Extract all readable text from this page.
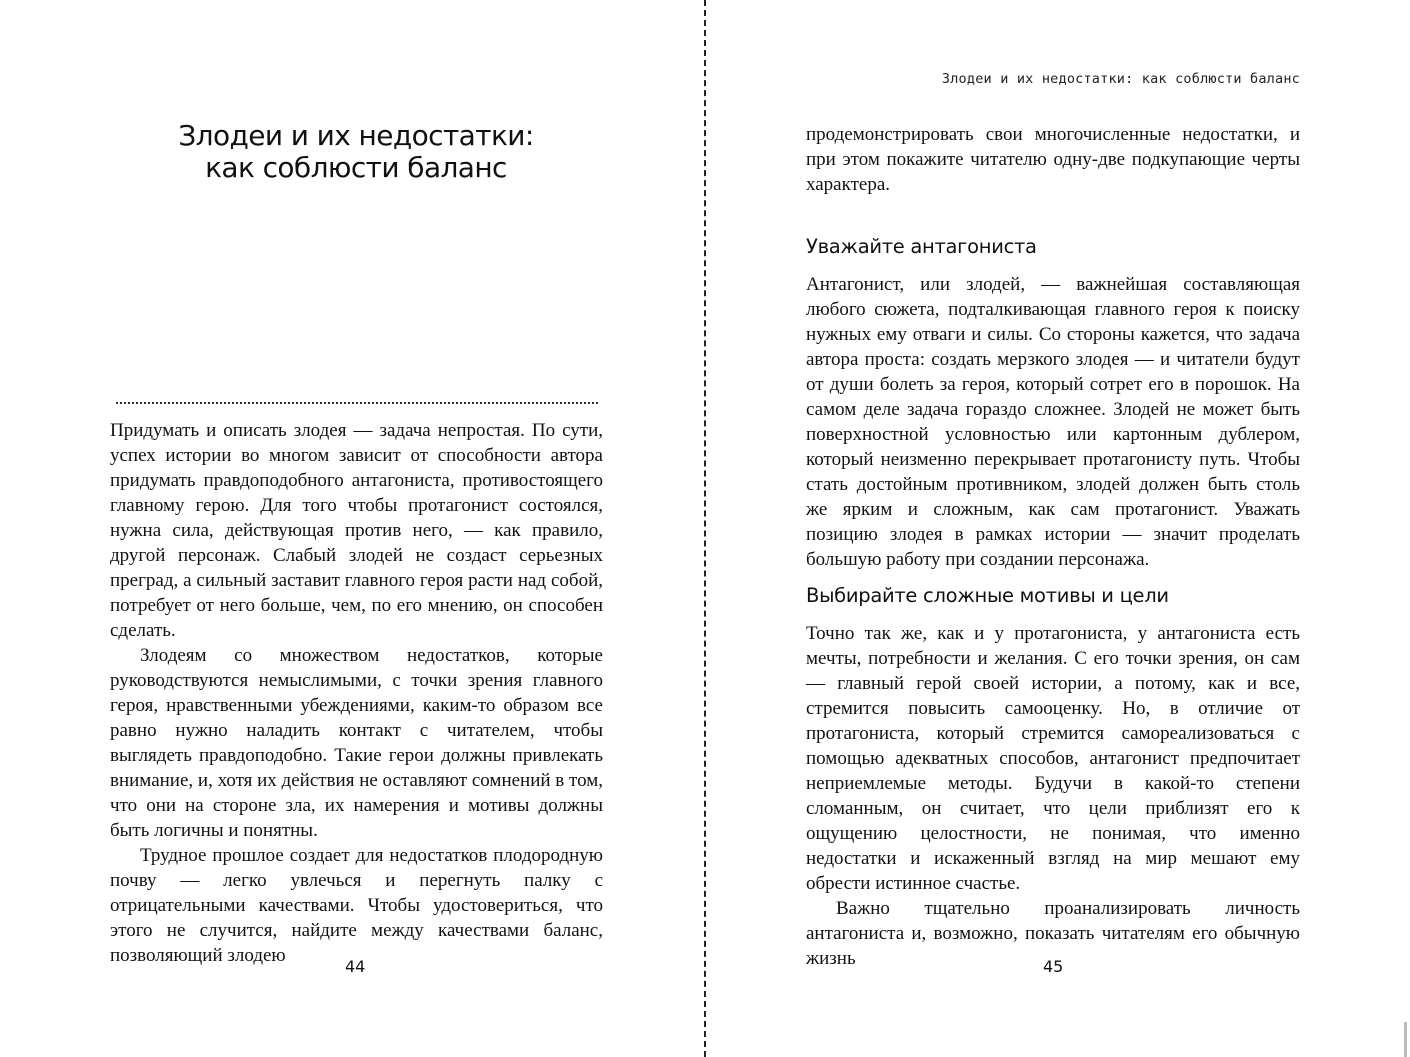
Злодеи и их недостатки:
как соблюсти баланс

Придумать и описать злодея — задача непростая. По сути, успех истории во многом зависит от способности автора придумать правдоподобного антагониста, противостоящего главному герою. Для того чтобы протагонист состоялся, нужна сила, действующая против него, — как правило, другой персонаж. Слабый злодей не создаст серьезных преград, а сильный заставит главного героя расти над собой, потребует от него больше, чем, по его мнению, он способен сделать.

Злодеям со множеством недостатков, которые руководствуются немыслимыми, с точки зрения главного героя, нравственными убеждениями, каким-то образом все равно нужно наладить контакт с читателем, чтобы выглядеть правдоподобно. Такие герои должны привлекать внимание, и, хотя их действия не оставляют сомнений в том, что они на стороне зла, их намерения и мотивы должны быть логичны и понятны.

Трудное прошлое создает для недостатков плодородную почву — легко увлечься и перегнуть палку с отрицательными качествами. Чтобы удостовериться, что этого не случится, найдите между качествами баланс, позволяющий злодею

44
Злодеи и их недостатки: как соблюсти баланс

продемонстрировать свои многочисленные недостатки, и при этом покажите читателю одну-две подкупающие черты характера.

Уважайте антагониста

Антагонист, или злодей, — важнейшая составляющая любого сюжета, подталкивающая главного героя к поиску нужных ему отваги и силы. Со стороны кажется, что задача автора проста: создать мерзкого злодея — и читатели будут от души болеть за героя, который сотрет его в порошок. На самом деле задача гораздо сложнее. Злодей не может быть поверхностной условностью или картонным дублером, который неизменно перекрывает протагонисту путь. Чтобы стать достойным противником, злодей должен быть столь же ярким и сложным, как сам протагонист. Уважать позицию злодея в рамках истории — значит проделать большую работу при создании персонажа.

Выбирайте сложные мотивы и цели

Точно так же, как и у протагониста, у антагониста есть мечты, потребности и желания. С его точки зрения, он сам — главный герой своей истории, а потому, как и все, стремится повысить самооценку. Но, в отличие от протагониста, который стремится самореализоваться с помощью адекватных способов, антагонист предпочитает неприемлемые методы. Будучи в какой-то степени сломанным, он считает, что цели приблизят его к ощущению целостности, не понимая, что именно недостатки и искаженный взгляд на мир мешают ему обрести истинное счастье.

Важно тщательно проанализировать личность антагониста и, возможно, показать читателям его обычную жизнь	45
